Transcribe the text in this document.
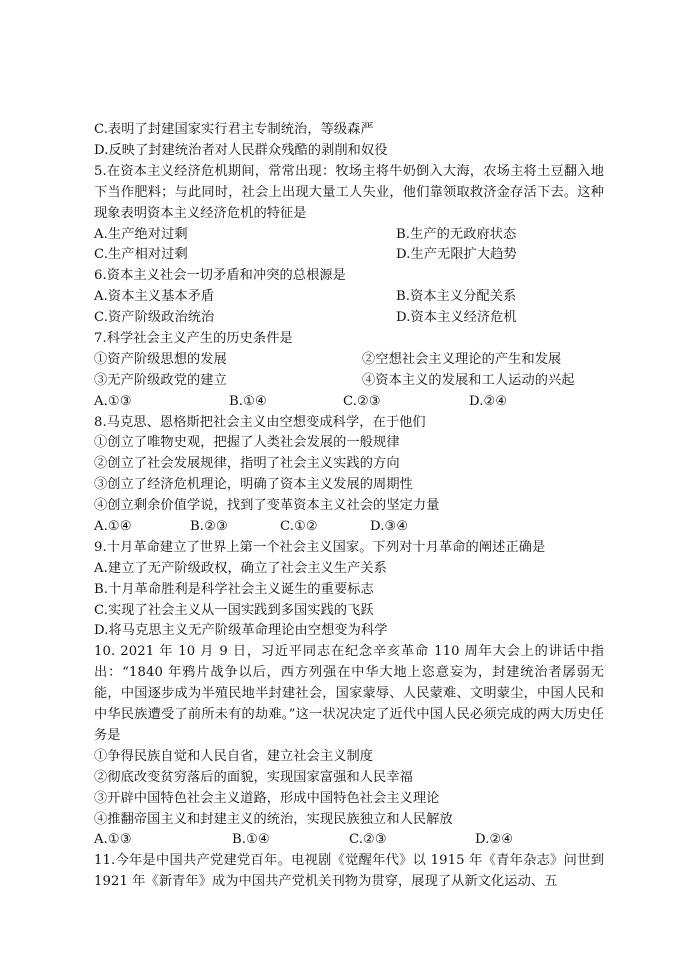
C.表明了封建国家实行君主专制统治，等级森严
D.反映了封建统治者对人民群众残酷的剥削和奴役
5.在资本主义经济危机期间，常常出现：牧场主将牛奶倒入大海，农场主将土豆翻入地下当作肥料；与此同时，社会上出现大量工人失业，他们靠领取救济金存活下去。这种现象表明资本主义经济危机的特征是
A.生产绝对过剩	B.生产的无政府状态
C.生产相对过剩	D.生产无限扩大趋势
6.资本主义社会一切矛盾和冲突的总根源是
A.资本主义基本矛盾	B.资本主义分配关系
C.资产阶级政治统治	D.资本主义经济危机
7.科学社会主义产生的历史条件是
①资产阶级思想的发展	②空想社会主义理论的产生和发展
③无产阶级政党的建立	④资本主义的发展和工人运动的兴起
A.①③	B.①④	C.②③	D.②④
8.马克思、恩格斯把社会主义由空想变成科学，在于他们
①创立了唯物史观，把握了人类社会发展的一般规律
②创立了社会发展规律，指明了社会主义实践的方向
③创立了经济危机理论，明确了资本主义发展的周期性
④创立剩余价值学说，找到了变革资本主义社会的坚定力量
A.①④	B.②③	C.①②	D.③④
9.十月革命建立了世界上第一个社会主义国家。下列对十月革命的阐述正确是
A.建立了无产阶级政权，确立了社会主义生产关系
B.十月革命胜利是科学社会主义诞生的重要标志
C.实现了社会主义从一国实践到多国实践的飞跃
D.将马克思主义无产阶级革命理论由空想变为科学
10. 2021 年 10 月 9 日，习近平同志在纪念辛亥革命 110 周年大会上的讲话中指出：“1840 年鸦片战争以后，西方列强在中华大地上恣意妄为，封建统治者孱弱无能，中国逐步成为半殖民地半封建社会，国家蒙辱、人民蒙难、文明蒙尘，中国人民和中华民族遭受了前所未有的劫难。”这一状况决定了近代中国人民必须完成的两大历史任务是
①争得民族自觉和人民自省，建立社会主义制度
②彻底改变贫穷落后的面貌，实现国家富强和人民幸福
③开辟中国特色社会主义道路，形成中国特色社会主义理论
④推翻帝国主义和封建主义的统治，实现民族独立和人民解放
A.①③	B.①④	C.②③	D.②④
11.今年是中国共产党建党百年。电视剧《觉醒年代》以 1915 年《青年杂志》问世到 1921 年《新青年》成为中国共产党机关刊物为贯穿，展现了从新文化运动、五
